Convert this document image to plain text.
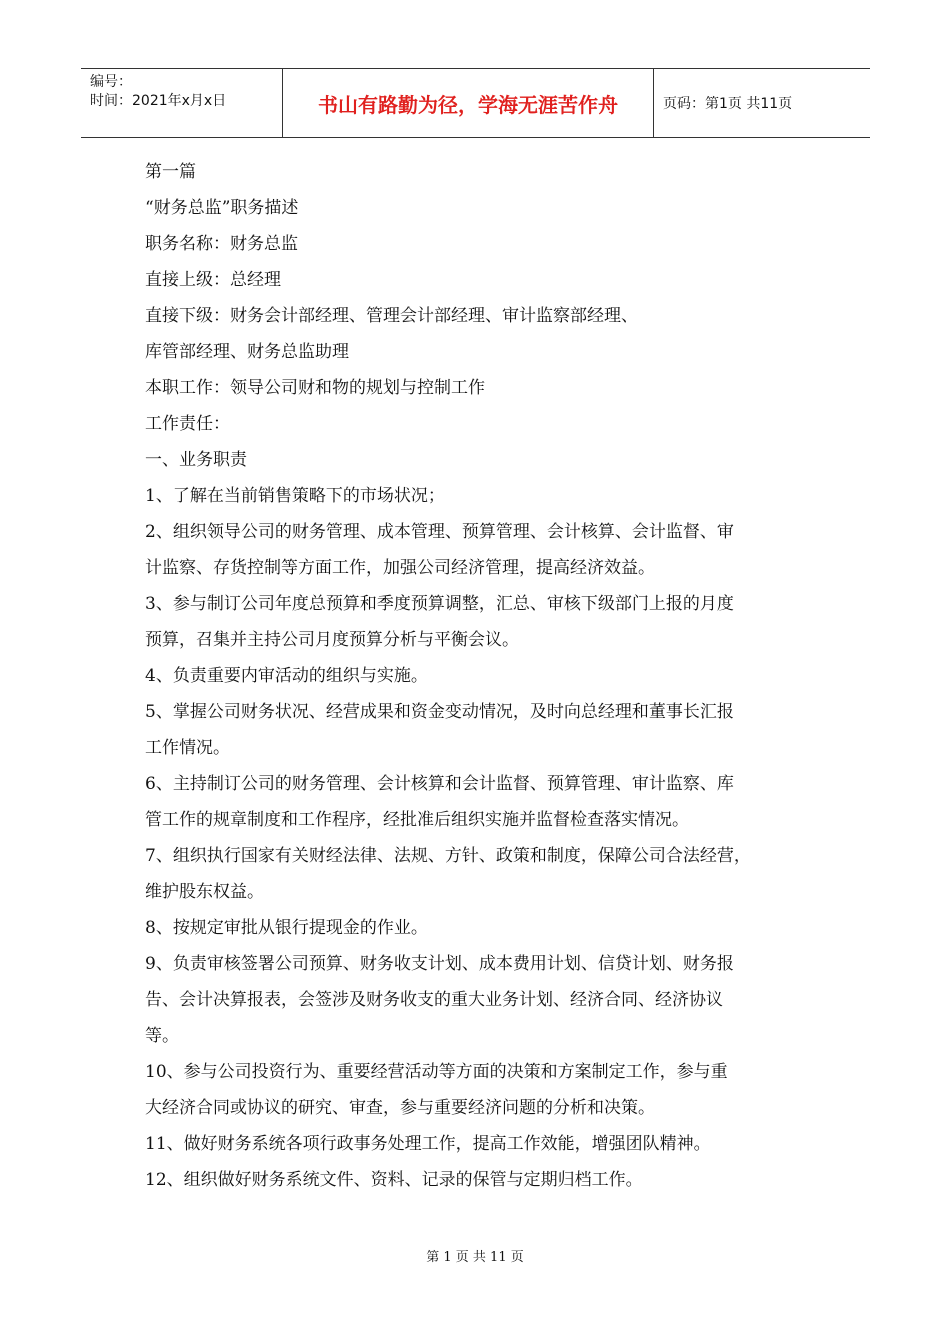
编号：
时间：2021年x月x日	书山有路勤为径，学海无涯苦作舟	页码：第1页 共11页

第一篇

“财务总监”职务描述

职务名称：财务总监

直接上级：总经理

直接下级：财务会计部经理、管理会计部经理、审计监察部经理、

库管部经理、财务总监助理

本职工作：领导公司财和物的规划与控制工作

工作责任：

一、业务职责

1、了解在当前销售策略下的市场状况；

2、组织领导公司的财务管理、成本管理、预算管理、会计核算、会计监督、审

计监察、存货控制等方面工作，加强公司经济管理，提高经济效益。

3、参与制订公司年度总预算和季度预算调整，汇总、审核下级部门上报的月度

预算，召集并主持公司月度预算分析与平衡会议。

4、负责重要内审活动的组织与实施。

5、掌握公司财务状况、经营成果和资金变动情况，及时向总经理和董事长汇报

工作情况。

6、主持制订公司的财务管理、会计核算和会计监督、预算管理、审计监察、库

管工作的规章制度和工作程序，经批准后组织实施并监督检查落实情况。

7、组织执行国家有关财经法律、法规、方针、政策和制度，保障公司合法经营，

维护股东权益。

8、按规定审批从银行提现金的作业。

9、负责审核签署公司预算、财务收支计划、成本费用计划、信贷计划、财务报

告、会计决算报表，会签涉及财务收支的重大业务计划、经济合同、经济协议

等。

10、参与公司投资行为、重要经营活动等方面的决策和方案制定工作，参与重

大经济合同或协议的研究、审查，参与重要经济问题的分析和决策。

11、做好财务系统各项行政事务处理工作，提高工作效能，增强团队精神。

12、组织做好财务系统文件、资料、记录的保管与定期归档工作。

第 1 页 共 11 页
